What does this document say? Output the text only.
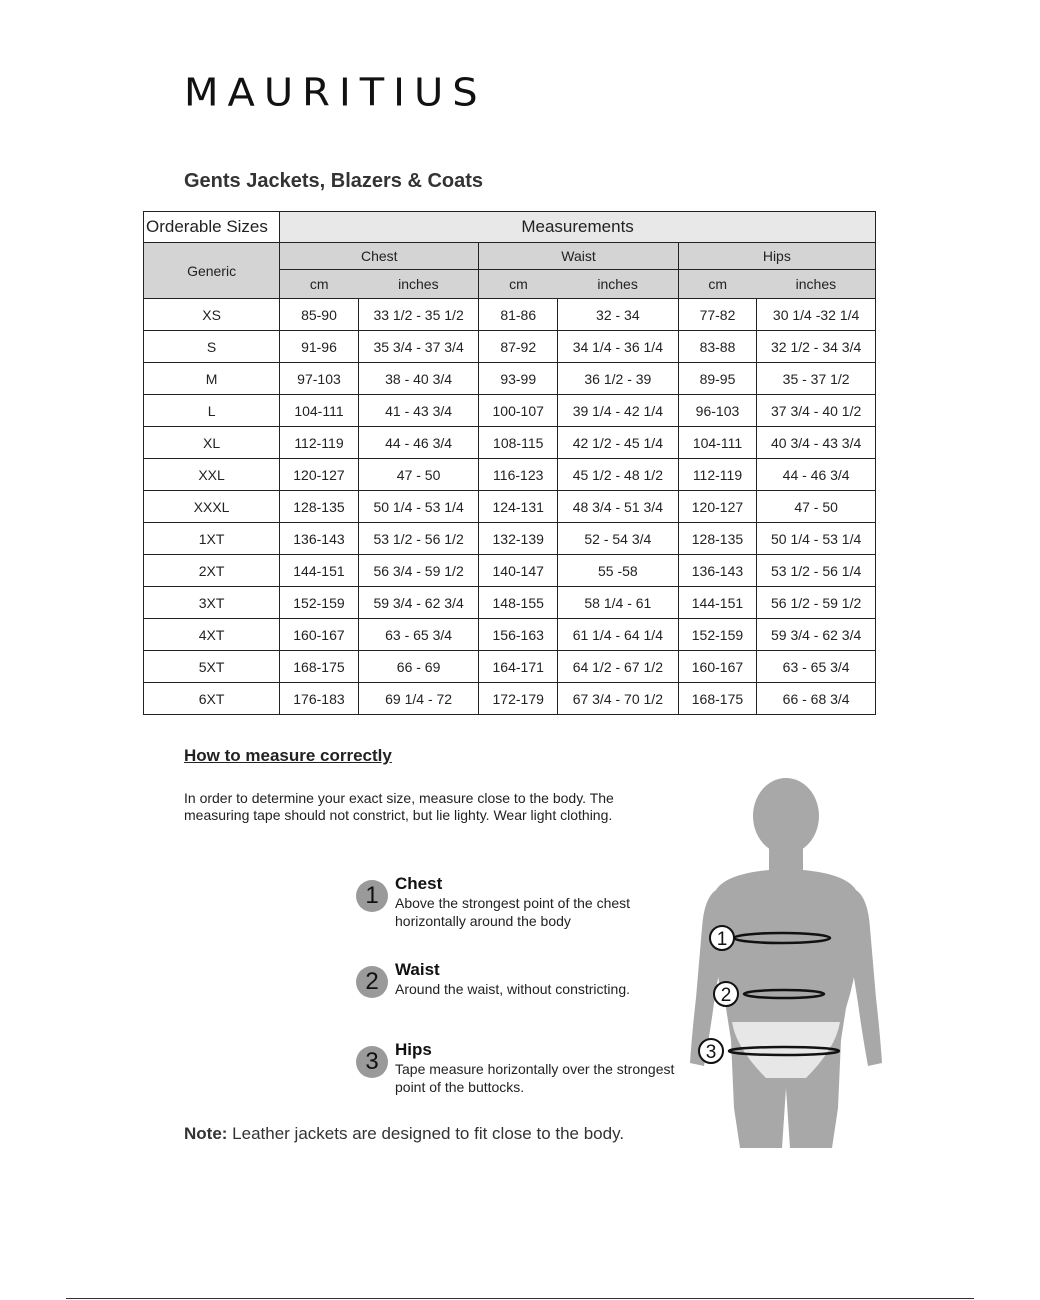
MAURITIUS
Gents Jackets, Blazers & Coats
Orderable Sizes	Measurements					
Generic	Chest		Waist		Hips	
	cm	inches	cm	inches	cm	inches
XS	85-90	33 1/2 - 35 1/2	81-86	32 - 34	77-82	30 1/4 -32 1/4
S	91-96	35 3/4 - 37 3/4	87-92	34 1/4 - 36 1/4	83-88	32 1/2 - 34 3/4
M	97-103	38 - 40 3/4	93-99	36 1/2 - 39	89-95	35 - 37 1/2
L	104-111	41 - 43 3/4	100-107	39 1/4 - 42 1/4	96-103	37 3/4 - 40 1/2
XL	112-119	44 - 46 3/4	108-115	42 1/2 - 45 1/4	104-111	40 3/4 - 43 3/4
XXL	120-127	47 - 50	116-123	45 1/2 - 48 1/2	112-119	44 - 46 3/4
XXXL	128-135	50 1/4 - 53 1/4	124-131	48 3/4 - 51 3/4	120-127	47 - 50
1XT	136-143	53 1/2 - 56 1/2	132-139	52 - 54 3/4	128-135	50 1/4 - 53 1/4
2XT	144-151	56 3/4 - 59 1/2	140-147	55 -58	136-143	53 1/2 - 56 1/4
3XT	152-159	59 3/4 - 62 3/4	148-155	58 1/4 - 61	144-151	56 1/2 - 59 1/2
4XT	160-167	63 - 65 3/4	156-163	61 1/4 - 64 1/4	152-159	59 3/4 - 62 3/4
5XT	168-175	66 - 69	164-171	64 1/2 - 67 1/2	160-167	63 - 65 3/4
6XT	176-183	69 1/4 - 72	172-179	67 3/4 - 70 1/2	168-175	66 - 68 3/4
How to measure correctly
In order to determine your exact size, measure close to the body. The measuring tape should not constrict, but lie lighty. Wear light clothing.
1 Chest
Above the strongest point of the chest horizontally around the body
2 Waist
Around the waist, without constricting.
3 Hips
Tape measure horizontally over the strongest point of the buttocks.
1
2
3
Note: Leather jackets are designed to fit close to the body.
